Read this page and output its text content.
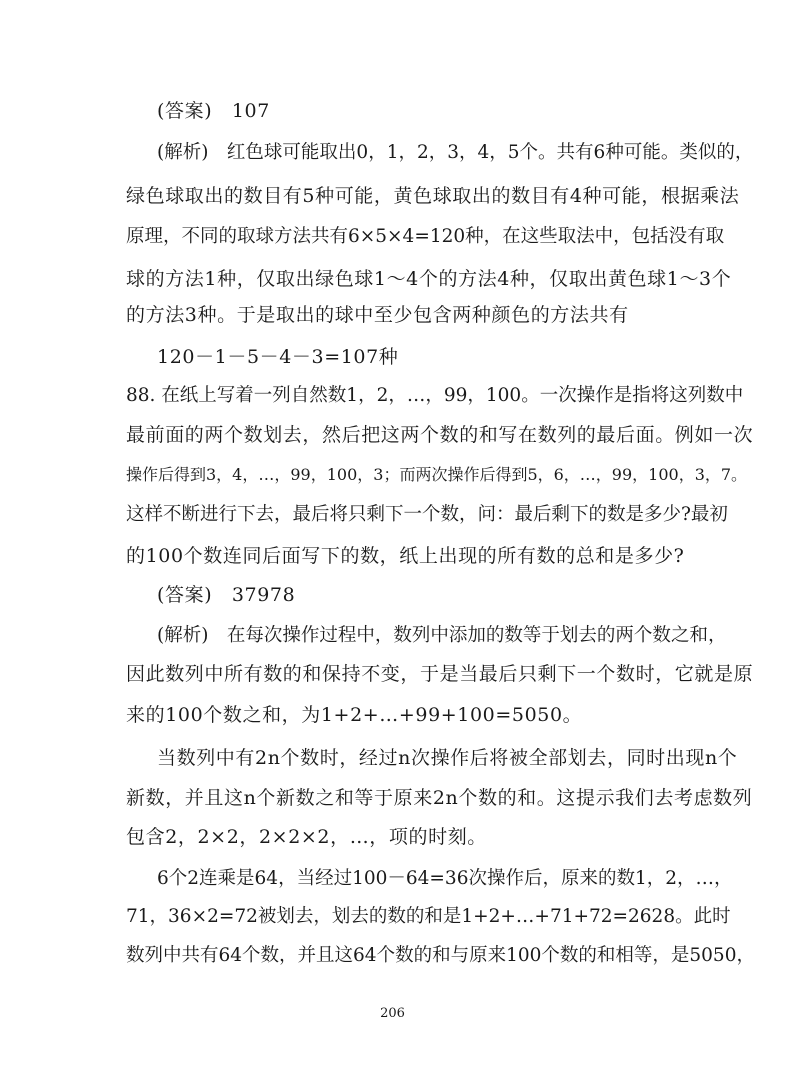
(答案)　107
(解析)　红色球可能取出0，1，2，3，4，5个。共有6种可能。类似的，
绿色球取出的数目有5种可能，黄色球取出的数目有4种可能，根据乘法
原理，不同的取球方法共有6×5×4=120种，在这些取法中，包括没有取
球的方法1种，仅取出绿色球1～4个的方法4种，仅取出黄色球1～3个
的方法3种。于是取出的球中至少包含两种颜色的方法共有
120－1－5－4－3=107种
88. 在纸上写着一列自然数1，2，…，99，100。一次操作是指将这列数中
最前面的两个数划去，然后把这两个数的和写在数列的最后面。例如一次
操作后得到3，4，…，99，100，3；而两次操作后得到5，6，…，99，100，3，7。
这样不断进行下去，最后将只剩下一个数，问：最后剩下的数是多少?最初
的100个数连同后面写下的数，纸上出现的所有数的总和是多少?
(答案)　37978
(解析)　在每次操作过程中，数列中添加的数等于划去的两个数之和，
因此数列中所有数的和保持不变，于是当最后只剩下一个数时，它就是原
来的100个数之和，为1+2+…+99+100=5050。
当数列中有2n个数时，经过n次操作后将被全部划去，同时出现n个
新数，并且这n个新数之和等于原来2n个数的和。这提示我们去考虑数列
包含2，2×2，2×2×2，…，项的时刻。
6个2连乘是64，当经过100－64=36次操作后，原来的数1，2，…，
71，36×2=72被划去，划去的数的和是1+2+…+71+72=2628。此时
数列中共有64个数，并且这64个数的和与原来100个数的和相等，是5050，
206
